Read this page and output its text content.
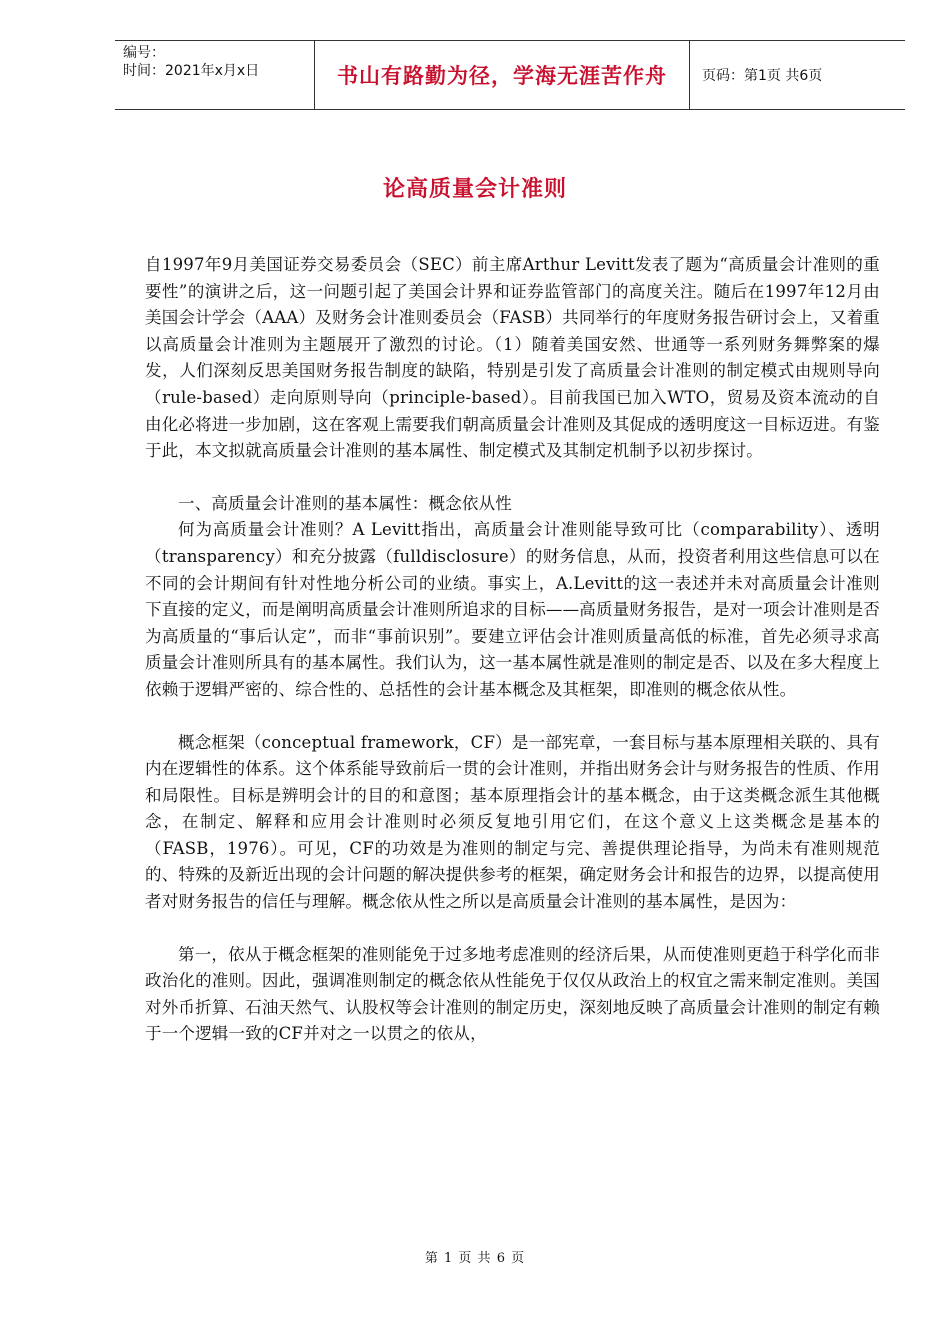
编号：
时间：2021年x月x日	书山有路勤为径，学海无涯苦作舟	页码：第1页 共6页
论高质量会计准则

自1997年9月美国证券交易委员会（SEC）前主席Arthur Levitt发表了题为“高质量会计准则的重要性”的演讲之后，这一问题引起了美国会计界和证券监管部门的高度关注。随后在1997年12月由美国会计学会（AAA）及财务会计准则委员会（FASB）共同举行的年度财务报告研讨会上，又着重以高质量会计准则为主题展开了激烈的讨论。（1）随着美国安然、世通等一系列财务舞弊案的爆发，人们深刻反思美国财务报告制度的缺陷，特别是引发了高质量会计准则的制定模式由规则导向（rule-based）走向原则导向（principle-based）。目前我国已加入WTO，贸易及资本流动的自由化必将进一步加剧，这在客观上需要我们朝高质量会计准则及其促成的透明度这一目标迈进。有鉴于此，本文拟就高质量会计准则的基本属性、制定模式及其制定机制予以初步探讨。

一、高质量会计准则的基本属性：概念依从性

何为高质量会计准则？A Levitt指出，高质量会计准则能导致可比（comparability）、透明（transparency）和充分披露（fulldisclosure）的财务信息，从而，投资者利用这些信息可以在不同的会计期间有针对性地分析公司的业绩。事实上，A.Levitt的这一表述并未对高质量会计准则下直接的定义，而是阐明高质量会计准则所追求的目标——高质量财务报告，是对一项会计准则是否为高质量的“事后认定”，而非“事前识别”。要建立评估会计准则质量高低的标准，首先必须寻求高质量会计准则所具有的基本属性。我们认为，这一基本属性就是准则的制定是否、以及在多大程度上依赖于逻辑严密的、综合性的、总括性的会计基本概念及其框架，即准则的概念依从性。

概念框架（conceptual framework，CF）是一部宪章，一套目标与基本原理相关联的、具有内在逻辑性的体系。这个体系能导致前后一贯的会计准则，并指出财务会计与财务报告的性质、作用和局限性。目标是辨明会计的目的和意图；基本原理指会计的基本概念，由于这类概念派生其他概念，在制定、解释和应用会计准则时必须反复地引用它们，在这个意义上这类概念是基本的（FASB，1976）。可见，CF的功效是为准则的制定与完、善提供理论指导，为尚未有准则规范的、特殊的及新近出现的会计问题的解决提供参考的框架，确定财务会计和报告的边界，以提高使用者对财务报告的信任与理解。概念依从性之所以是高质量会计准则的基本属性，是因为：

第一，依从于概念框架的准则能免于过多地考虑准则的经济后果，从而使准则更趋于科学化而非政治化的准则。因此，强调准则制定的概念依从性能免于仅仅从政治上的权宜之需来制定准则。美国对外币折算、石油天然气、认股权等会计准则的制定历史，深刻地反映了高质量会计准则的制定有赖于一个逻辑一致的CF并对之一以贯之的依从，

第 1 页 共 6 页
